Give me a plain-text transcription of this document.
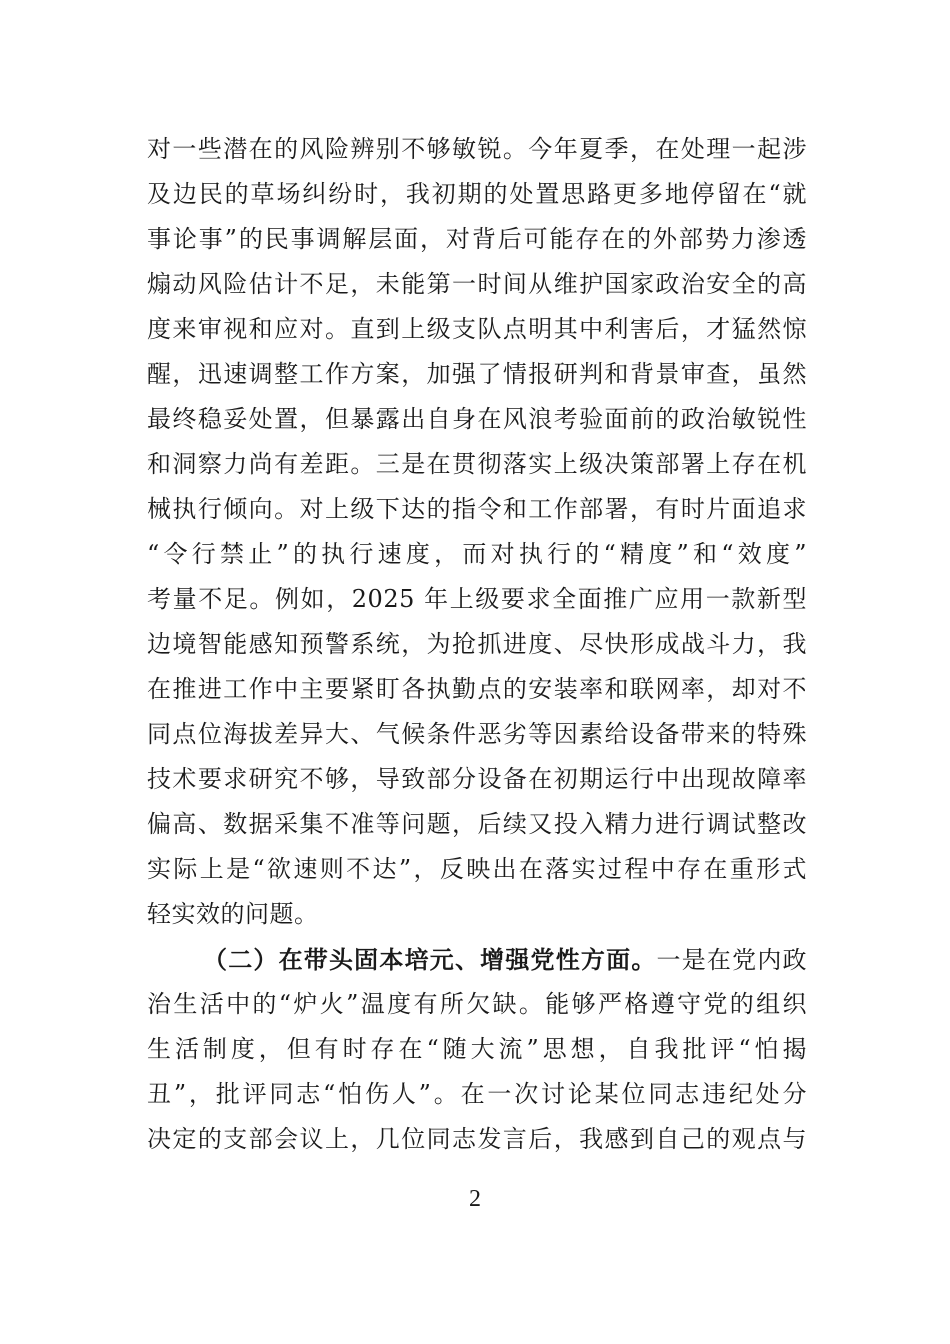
对一些潜在的风险辨别不够敏锐。今年夏季，在处理一起涉
及边民的草场纠纷时，我初期的处置思路更多地停留在“就
事论事”的民事调解层面，对背后可能存在的外部势力渗透
煽动风险估计不足，未能第一时间从维护国家政治安全的高
度来审视和应对。直到上级支队点明其中利害后，才猛然惊
醒，迅速调整工作方案，加强了情报研判和背景审查，虽然
最终稳妥处置，但暴露出自身在风浪考验面前的政治敏锐性
和洞察力尚有差距。三是在贯彻落实上级决策部署上存在机
械执行倾向。对上级下达的指令和工作部署，有时片面追求
“令行禁止”的执行速度，而对执行的“精度”和“效度”
考量不足。例如，2025 年上级要求全面推广应用一款新型
边境智能感知预警系统，为抢抓进度、尽快形成战斗力，我
在推进工作中主要紧盯各执勤点的安装率和联网率，却对不
同点位海拔差异大、气候条件恶劣等因素给设备带来的特殊
技术要求研究不够，导致部分设备在初期运行中出现故障率
偏高、数据采集不准等问题，后续又投入精力进行调试整改
实际上是“欲速则不达”，反映出在落实过程中存在重形式
轻实效的问题。
（二）在带头固本培元、增强党性方面。一是在党内政
治生活中的“炉火”温度有所欠缺。能够严格遵守党的组织
生活制度，但有时存在“随大流”思想，自我批评“怕揭
丑”，批评同志“怕伤人”。在一次讨论某位同志违纪处分
决定的支部会议上，几位同志发言后，我感到自己的观点与
2
